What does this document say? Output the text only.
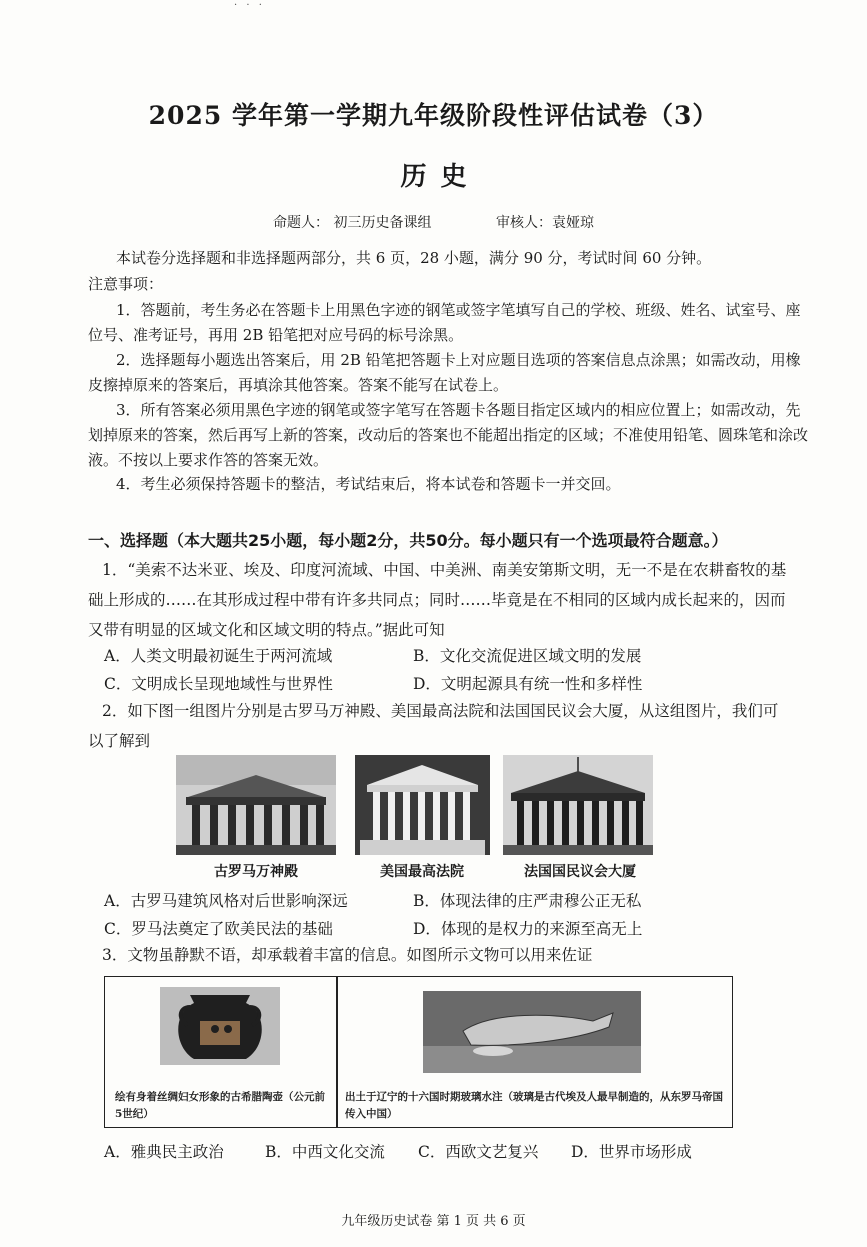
· · ·
2025 学年第一学期九年级阶段性评估试卷（3）
历史
命题人： 初三历史备课组	审核人：袁娅琼
本试卷分选择题和非选择题两部分，共 6 页，28 小题，满分 90 分，考试时间 60 分钟。
注意事项：
1．答题前，考生务必在答题卡上用黑色字迹的钢笔或签字笔填写自己的学校、班级、姓名、试室号、座位号、准考证号，再用 2B 铅笔把对应号码的标号涂黑。
2．选择题每小题选出答案后，用 2B 铅笔把答题卡上对应题目选项的答案信息点涂黑；如需改动，用橡皮擦掉原来的答案后，再填涂其他答案。答案不能写在试卷上。
3．所有答案必须用黑色字迹的钢笔或签字笔写在答题卡各题目指定区域内的相应位置上；如需改动，先划掉原来的答案，然后再写上新的答案，改动后的答案也不能超出指定的区域；不准使用铅笔、圆珠笔和涂改液。不按以上要求作答的答案无效。
4．考生必须保持答题卡的整洁，考试结束后，将本试卷和答题卡一并交回。
一、选择题（本大题共25小题，每小题2分，共50分。每小题只有一个选项最符合题意。）
1．“美索不达米亚、埃及、印度河流域、中国、中美洲、南美安第斯文明，无一不是在农耕畜牧的基础上形成的……在其形成过程中带有许多共同点；同时……毕竟是在不相同的区域内成长起来的，因而又带有明显的区域文化和区域文明的特点。”据此可知
A．人类文明最初诞生于两河流域	B．文化交流促进区域文明的发展
C．文明成长呈现地域性与世界性	D．文明起源具有统一性和多样性
2．如下图一组图片分别是古罗马万神殿、美国最高法院和法国国民议会大厦，从这组图片，我们可以了解到
古罗马万神殿	美国最高法院	法国国民议会大厦
A．古罗马建筑风格对后世影响深远	B．体现法律的庄严肃穆公正无私
C．罗马法奠定了欧美民法的基础	D．体现的是权力的来源至高无上
3．文物虽静默不语，却承载着丰富的信息。如图所示文物可以用来佐证
绘有身着丝绸妇女形象的古希腊陶壶（公元前5世纪）
出土于辽宁的十六国时期玻璃水注（玻璃是古代埃及人最早制造的，从东罗马帝国传入中国）
A．雅典民主政治	B．中西文化交流 C．西欧文艺复兴 D．世界市场形成
九年级历史试卷 第 1 页 共 6 页
